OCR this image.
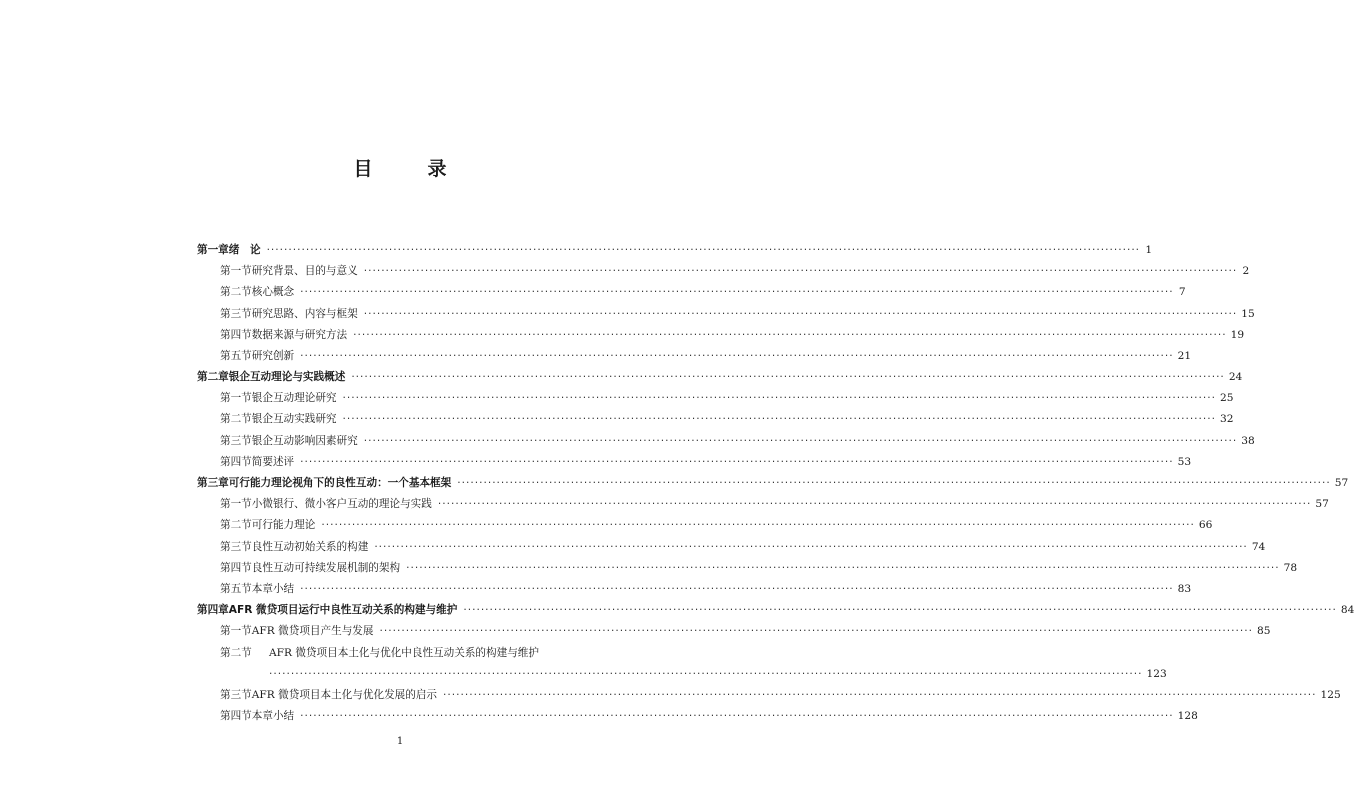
目　录
第一章 绪　论 ········································································································································································································ 1
第一节 研究背景、目的与意义 ········································································································································································································ 2
第二节 核心概念 ········································································································································································································ 7
第三节 研究思路、内容与框架 ········································································································································································································ 15
第四节 数据来源与研究方法 ········································································································································································································ 19
第五节 研究创新 ········································································································································································································ 21
第二章 银企互动理论与实践概述 ········································································································································································································ 24
第一节 银企互动理论研究 ········································································································································································································ 25
第二节 银企互动实践研究 ········································································································································································································ 32
第三节 银企互动影响因素研究 ········································································································································································································ 38
第四节 简要述评 ········································································································································································································ 53
第三章 可行能力理论视角下的良性互动：一个基本框架 ········································································································································································································ 57
第一节 小微银行、微小客户互动的理论与实践 ········································································································································································································ 57
第二节 可行能力理论 ········································································································································································································ 66
第三节 良性互动初始关系的构建 ········································································································································································································ 74
第四节 良性互动可持续发展机制的架构 ········································································································································································································ 78
第五节 本章小结 ········································································································································································································ 83
第四章 AFR 微贷项目运行中良性互动关系的构建与维护 ········································································································································································································ 84
第一节 AFR 微贷项目产生与发展 ········································································································································································································ 85
第二节	AFR 微贷项目本土化与优化中良性互动关系的构建与维护
········································································································································································································ 123
第三节 AFR 微贷项目本土化与优化发展的启示 ········································································································································································································ 125
第四节 本章小结 ········································································································································································································ 128
1
